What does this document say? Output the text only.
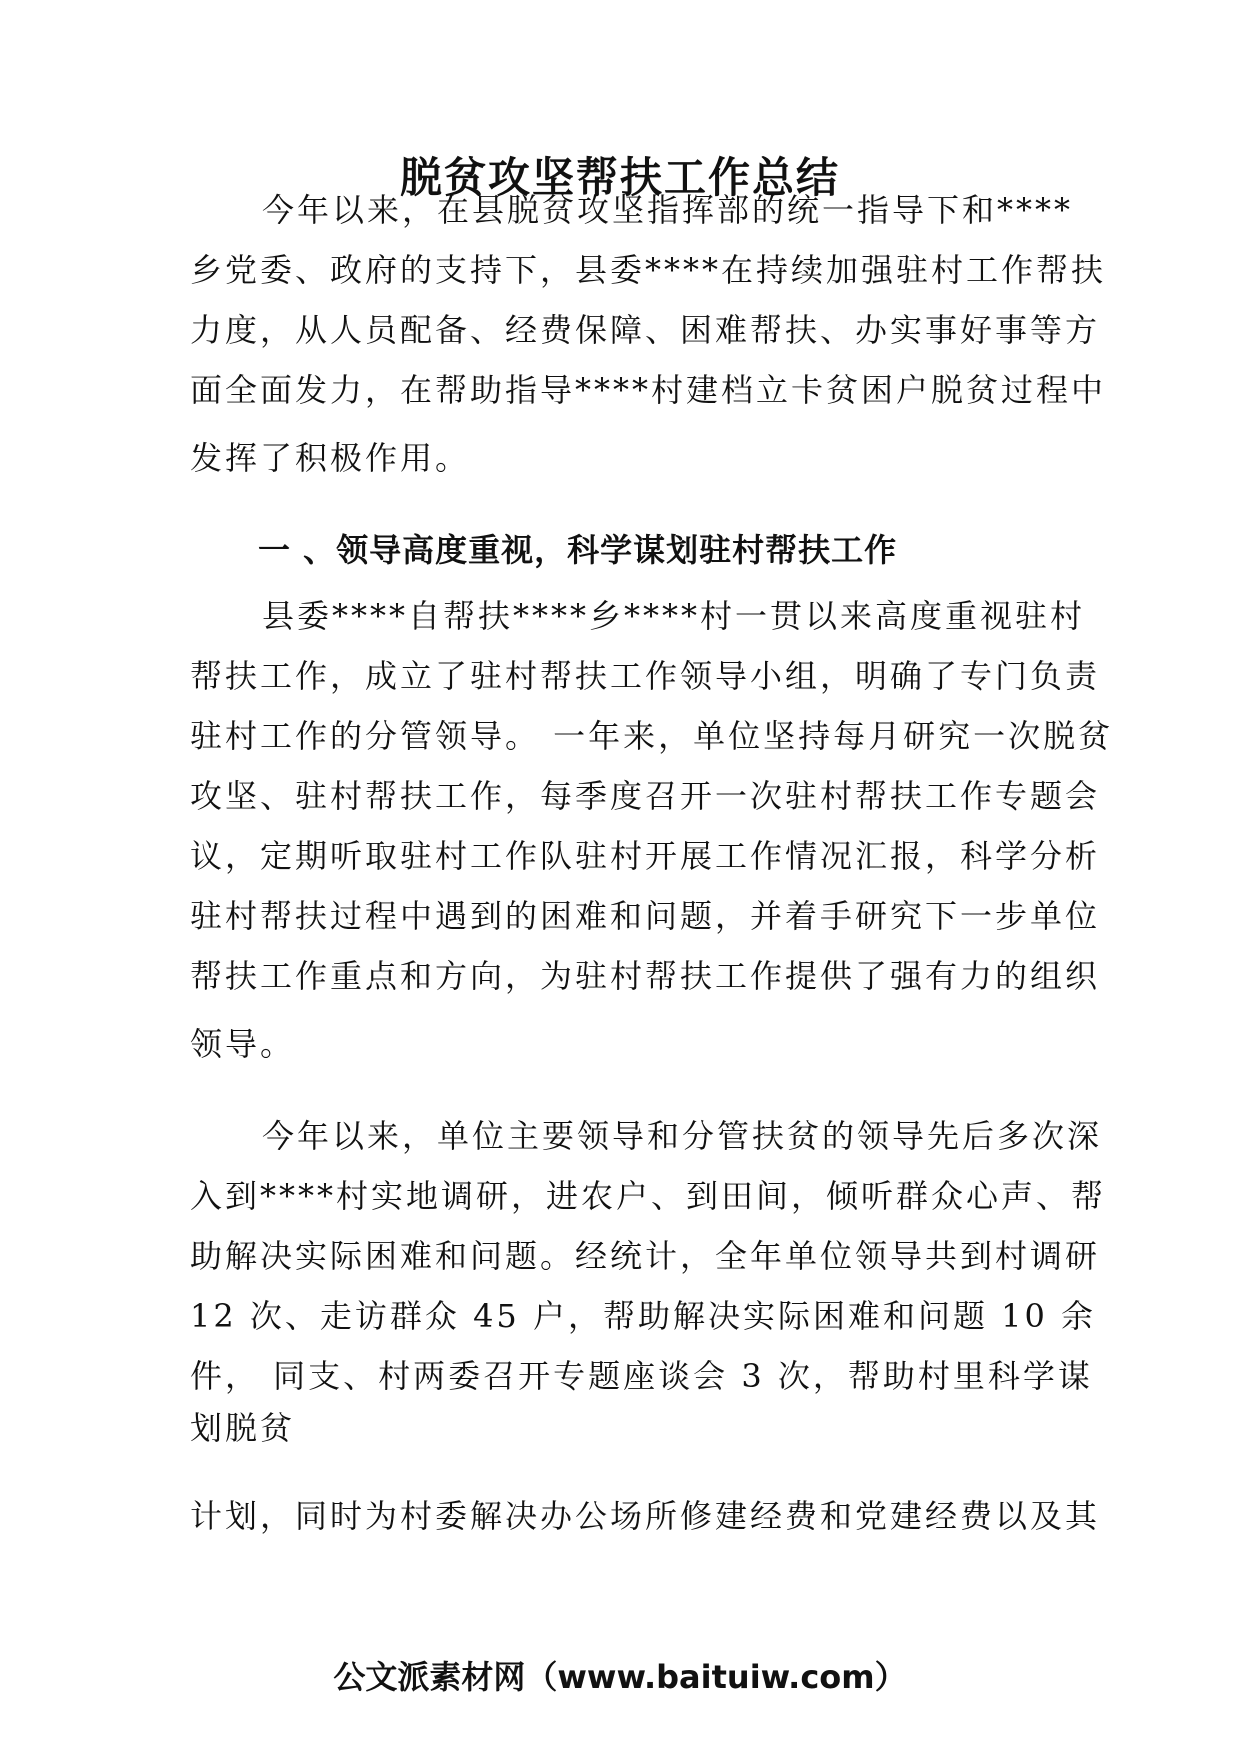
脱贫攻坚帮扶工作总结

今年以来，在县脱贫攻坚指挥部的统一指导下和****
乡党委、政府的支持下，县委****在持续加强驻村工作帮扶
力度，从人员配备、经费保障、困难帮扶、办实事好事等方
面全面发力，在帮助指导****村建档立卡贫困户脱贫过程中
发挥了积极作用。

一 、领导高度重视，科学谋划驻村帮扶工作

县委****自帮扶****乡****村一贯以来高度重视驻村
帮扶工作，成立了驻村帮扶工作领导小组，明确了专门负责
驻村工作的分管领导。 一年来，单位坚持每月研究一次脱贫
攻坚、驻村帮扶工作，每季度召开一次驻村帮扶工作专题会
议，定期听取驻村工作队驻村开展工作情况汇报，科学分析
驻村帮扶过程中遇到的困难和问题，并着手研究下一步单位
帮扶工作重点和方向，为驻村帮扶工作提供了强有力的组织
领导。

今年以来，单位主要领导和分管扶贫的领导先后多次深
入到****村实地调研，进农户、到田间，倾听群众心声、帮
助解决实际困难和问题。经统计，全年单位领导共到村调研
12 次、走访群众 45 户，帮助解决实际困难和问题 10 余
件， 同支、村两委召开专题座谈会 3 次，帮助村里科学谋
划脱贫

计划，同时为村委解决办公场所修建经费和党建经费以及其

公文派素材网（www.baituiw.com）
